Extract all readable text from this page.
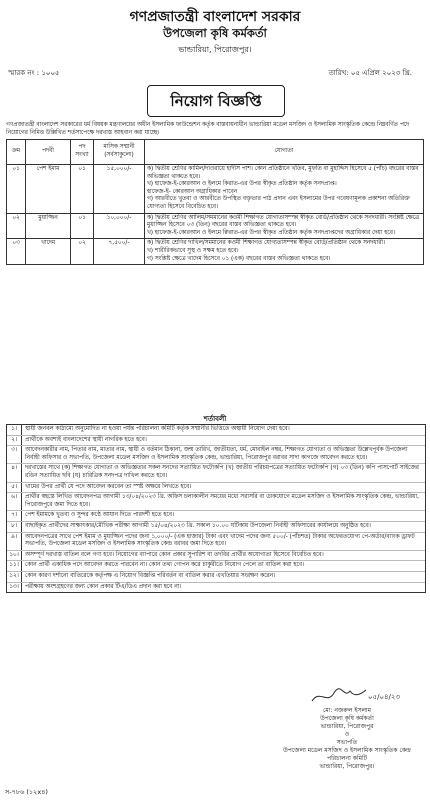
গণপ্রজাতন্ত্রী বাংলাদেশ সরকার
উপজেলা কৃষি কর্মকর্তা
ভান্ডারিয়া, পিরোজপুর।
স্মারক নং : ১০০৫	তারিখ: ০৫ এপ্রিল ২০২৩ খ্রি.
নিয়োগ বিজ্ঞপ্তি
গণপ্রজাতন্ত্রী বাংলাদেশ সরকারের ধর্ম বিষয়ক মন্ত্রণালয়ের অধীন ইসলামিক ফাউন্ডেশন কর্তৃক বাস্তবায়নাধীন ভান্ডারিয়া মডেল মসজিদ ও ইসলামিক সাংস্কৃতিক কেন্দ্রে নিম্নবর্ণিত পদে নিয়োগের নিমিত্ত উল্লিখিত শর্তসাপেক্ষে দরখাস্ত আহবান করা যাচ্ছে।
ক্রম	পদবী	পদ সংখ্যা	মাসিক সম্মানী (সর্বসাকুল্যে)	যোগ্যতা
০১	পেশ ইমাম	০১	১৫,০০০/-	ক) দ্বিতীয় শ্রেণির কামিল/দাওরায়ে হাদীস পাশ। কোন প্রতিষ্ঠানে খতিব, মুফতি বা মুহাদ্দিস হিসেবে ৫ (পাঁচ) বছরের বাস্তব অভিজ্ঞতা থাকতে হবে।
খ) হাফেজ-ই-কোরআন ও ইলমে কিরাত-এর উপর স্বীকৃত প্রতিষ্ঠান কর্তৃক সনদপ্রাপ্ত।
হাফেজ-ই- কোরআন অগ্রাধিকার পাবেন
গ) আরবীতে খুতবা ও আরবীতে উপস্থিত বক্তৃতার পাঠ প্রদান এবং ইসলামের উপর গবেষণামূলক প্রকাশনা অতিরিক্ত যোগ্যতা হিসেবে বিবেচিত হবে।

০২	মুয়াজ্জিন	০১	১০,০০০/-	ক) দ্বিতীয় শ্রেণির আলিম/সমমানের কওমী শিক্ষাগত যোগ্যতাসম্পন্ন স্বীকৃত বোর্ড/প্রতিষ্ঠান থেকে সনদধারী। সংশ্লিষ্ট ক্ষেত্রে মুয়াজ্জিন হিসেবে ০৩ (তিন) বছরের বাস্তব অভিজ্ঞতা থাকতে হবে।
খ) হাফেজ-ই-কোরআন ও ইলমে ক্বিরাত-এর উপর স্বীকৃত প্রতিষ্ঠান কর্তৃক সনদপ্রাপ্তদের অগ্রাধিকার দেয়া হবে।

০৩	খাদেম	০২	৭,৫০০/-	ক) দ্বিতীয় শ্রেণির দাখিল/সমমানের কওমী শিক্ষাগত যোগ্যতাসম্পন্ন স্বীকৃত বোর্ড/প্রতিষ্ঠান থেকে সনদধারী।
খ) শারীরিকভাবে সুস্থ ও সক্ষম হতে হবে।
গ) সংশ্লিষ্ট ক্ষেত্রে খাদেম হিসেবে ০১ (এক) বছরের বাস্তব অভিজ্ঞতা থাকতে হবে।
শর্তাবলী
১।	স্থায়ী জনবল কাঠামো অনুমোদিত না হওয়া পর্যন্ত পরিচালনা কমিটি কর্তৃক সম্মানীর ভিত্তিতে অস্থায়ী নিয়োগ দেয়া হবে।
২।	প্রার্থীকে অবশ্যই বাংলাদেশের স্থায়ী নাগরিক হতে হবে।
৩।	আবেদনকারীর নাম, পিতার নাম, মাতার নাম, স্থায়ী ও বর্তমান ঠিকানা, জন্ম তারিখ, জাতীয়তা, ধর্ম, মোবাইল নম্বর, শিক্ষাগত যোগ্যতা ও অভিজ্ঞতা উল্লেখপূর্বক উপজেলা নির্বাহী অফিসার ও সভাপতি, উপজেলা মডেল মসজিদ ও ইসলামিক সাংস্কৃতিক কেন্দ্র, ভান্ডারিয়া, পিরোজপুর বরাবর সাদা কাগজে আবেদন করতে হবে।
৪।	দরখাস্তের সাথে (ক) শিক্ষাগত যোগ্যতা ও অভিজ্ঞতার সকল সনদের সত্যায়িত ফটোকপি (খ) জাতীয় পরিচয়পত্রের সত্যায়িত ফটোকপি (গ) ০৩ (তিন) কপি পাসপোর্ট সাইজের রঙিন সত্যায়িত ছবি (ঘ) চারিত্রিক সনদপত্র দাখিল করতে হবে।
৫।	খামের উপর প্রার্থী যে পদে আবেদন করবেন তা স্পষ্ট অক্ষরে লিখতে হবে।
৬।	প্রার্থীর স্বহস্তে লিখিত আবেদনপত্র আগামী ১৩/০৪/২০২৩ খ্রি. অফিস চলাকালীন সময়ের মধ্যে সরাসরি বা ডাকযোগে মডেল মসজিদ ও ইসলামিক সাংস্কৃতিক কেন্দ্র, ভান্ডারিয়া, পিরোজপুরে জমা দিতে হবে।
৭।	পেশ ইমামকে খুতবা ও সুন্দর কণ্ঠে আযান দিতে পারদর্শী হতে হবে।
৮।	বাছাইকৃত প্রার্থীদের সাক্ষাৎকার/মৌখিক পরীক্ষা আগামী ১৫/০৪/২০২৩ খ্রি. সকাল ১০.০০ ঘটিকায় উপজেলা নির্বাহী অফিসারের কার্যালয়ে অনুষ্ঠিত হবে।
৯।	আবেদনপত্রের সাথে পেশ ইমাম ও মুয়াজ্জিন পদের জন্য ১,০০০/- (এক হাজার) টাকা এবং খাদেম পদের জন্য ৫০০/- (পাঁচশত) টাকার অফেরতযোগ্য পে-অর্ডার/ব্যাংক ড্রাফট সভাপতি, উপজেলা মডেল মসজিদ ও ইসলামিক সাংস্কৃতিক কেন্দ্র বরাবর জমা দিতে হবে।
১০।	অসম্পূর্ণ দরখাস্ত বাতিল বলে গণ্য হবে। নিয়োগের ব্যাপারে কোন প্রকার সুপারিশ বা তদবির প্রার্থীর অযোগ্যতা হিসেবে বিবেচিত হবে।
১১।	কোন প্রার্থী একাধিক পদে আবেদন করতে পারবেন না। কোন তথ্য গোপন করে চাকুরীতে নিয়োগ পেলে তা বাতিল করা হবে।
১২।	কোন কারণ দর্শানো ব্যতিরেকে কর্তৃপক্ষ এ নিয়োগ বিজ্ঞপ্তি পরিবর্তন বা বাতিল করার এখতিয়ার সংরক্ষণ করেন।
১৩।	পরীক্ষায় অংশগ্রহণের জন্য কোন প্রকার টিএ/ডিএ প্রদান করা হবে না।
০৫/০৪/২৩
মো: নজরুল ইসলাম
উপজেলা কৃষি কর্মকর্তা
ভান্ডারিয়া, পিরোজপুর
ও
সভাপতি
উপজেলা মডেল মসজিদ ও ইসলামিক সাংস্কৃতিক কেন্দ্র পরিচালনা কমিটি
ভান্ডারিয়া, পিরোজপুর।
স-৭৮৬ (১২x৪)
